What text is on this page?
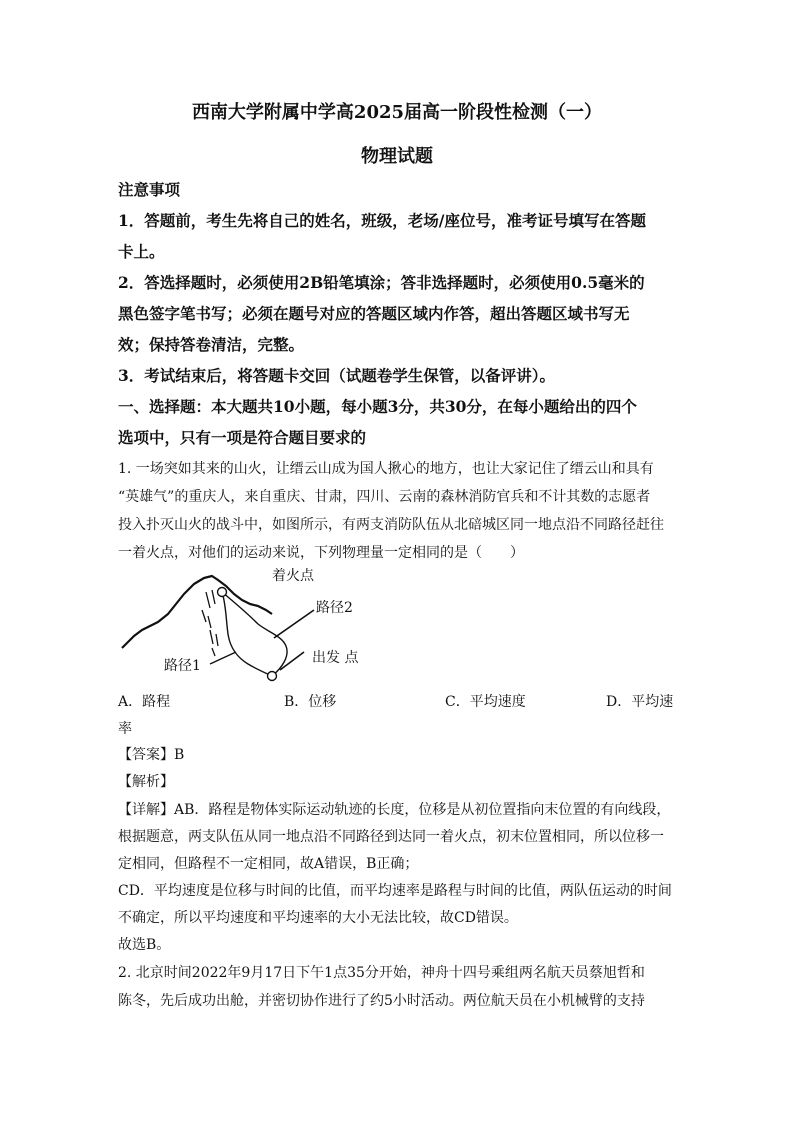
西南大学附属中学高2025届高一阶段性检测（一）
物理试题
注意事项
1．答题前，考生先将自己的姓名，班级，老场/座位号，准考证号填写在答题
卡上。
2．答选择题时，必须使用2B铅笔填涂；答非选择题时，必须使用0.5毫米的
黑色签字笔书写；必须在题号对应的答题区域内作答，超出答题区域书写无
效；保持答卷清洁，完整。
3．考试结束后，将答题卡交回（试题卷学生保管，以备评讲）。
一、选择题：本大题共10小题，每小题3分，共30分，在每小题给出的四个
选项中，只有一项是符合题目要求的
1. 一场突如其来的山火，让缙云山成为国人揪心的地方，也让大家记住了缙云山和具有
“英雄气”的重庆人，来自重庆、甘肃，四川、云南的森林消防官兵和不计其数的志愿者
投入扑灭山火的战斗中，如图所示，有两支消防队伍从北碚城区同一地点沿不同路径赶往
一着火点，对他们的运动来说，下列物理量一定相同的是（　　）
着火点
路径2
出发 点
路径1
A．路程	B．位移	C．平均速度	D．平均速
率
【答案】B
【解析】
【详解】AB．路程是物体实际运动轨迹的长度，位移是从初位置指向末位置的有向线段，
根据题意，两支队伍从同一地点沿不同路径到达同一着火点，初末位置相同，所以位移一
定相同，但路程不一定相同，故A错误，B正确；
CD．平均速度是位移与时间的比值，而平均速率是路程与时间的比值，两队伍运动的时间
不确定，所以平均速度和平均速率的大小无法比较，故CD错误。
故选B。
2. 北京时间2022年9月17日下午1点35分开始，神舟十四号乘组两名航天员蔡旭哲和
陈冬，先后成功出舱，并密切协作进行了约5小时活动。两位航天员在小机械臂的支持
